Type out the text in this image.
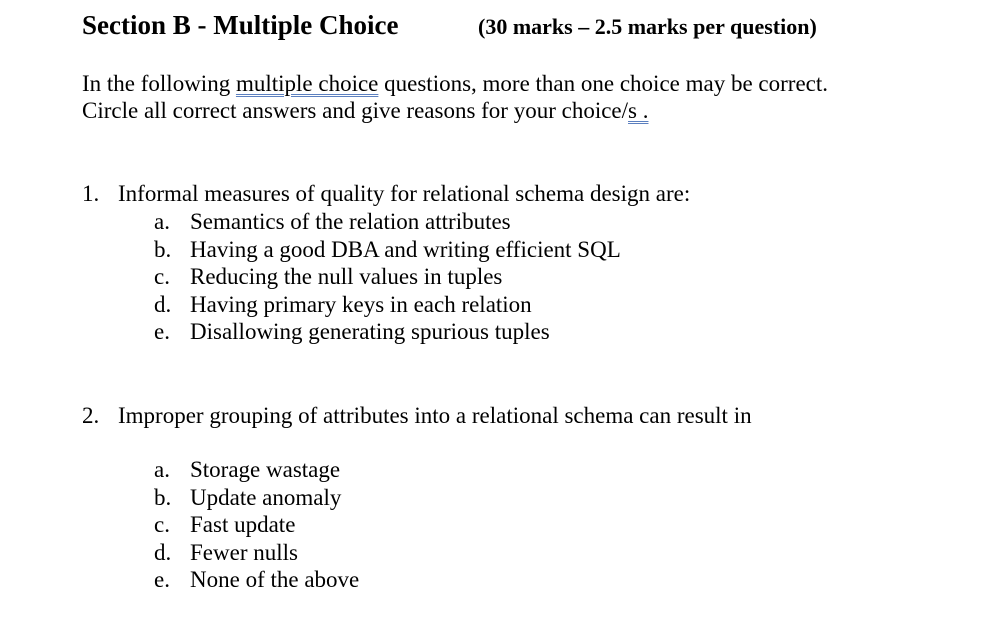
Section B - Multiple Choice	(30 marks – 2.5 marks per question)
In the following multiple choice questions, more than one choice may be correct.
Circle all correct answers and give reasons for your choice/s .
1. Informal measures of quality for relational schema design are:
a. Semantics of the relation attributes
b. Having a good DBA and writing efficient SQL
c. Reducing the null values in tuples
d. Having primary keys in each relation
e. Disallowing generating spurious tuples
2. Improper grouping of attributes into a relational schema can result in
a. Storage wastage
b. Update anomaly
c. Fast update
d. Fewer nulls
e. None of the above
